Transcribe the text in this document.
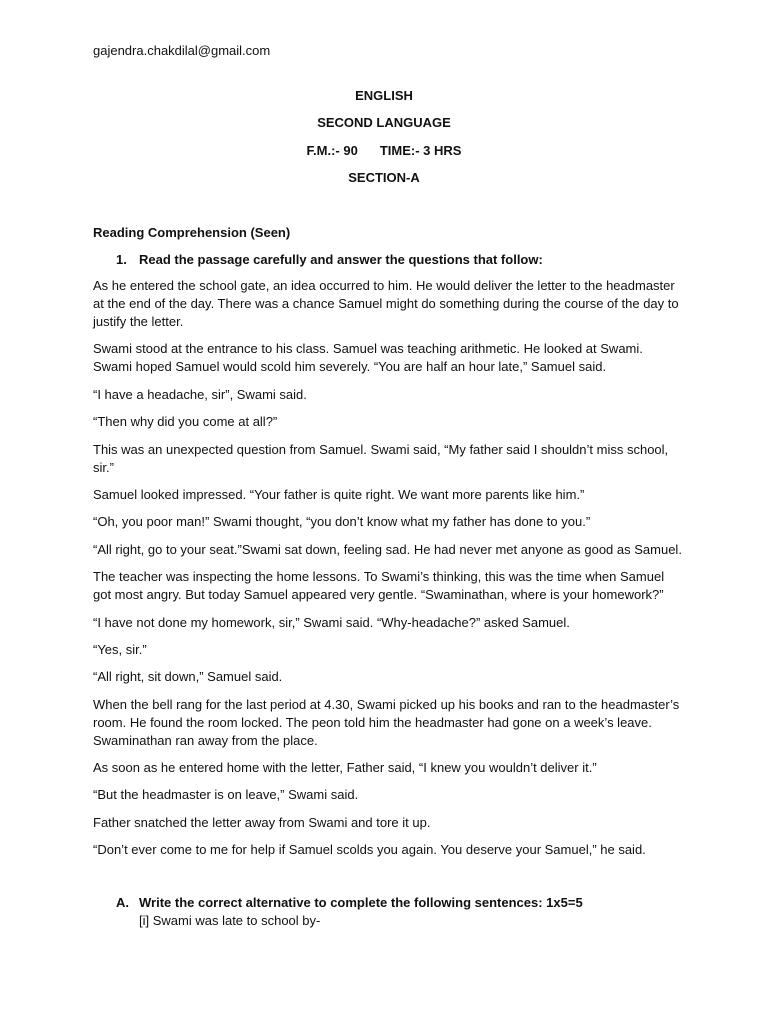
gajendra.chakdilal@gmail.com
ENGLISH
SECOND LANGUAGE
F.M.:- 90 TIME:- 3 HRS
SECTION-A
Reading Comprehension (Seen)
1. Read the passage carefully and answer the questions that follow:

As he entered the school gate, an idea occurred to him. He would deliver the letter to the headmaster at the end of the day. There was a chance Samuel might do something during the course of the day to justify the letter.

Swami stood at the entrance to his class. Samuel was teaching arithmetic. He looked at Swami. Swami hoped Samuel would scold him severely. “You are half an hour late,” Samuel said.

“I have a headache, sir”, Swami said.

“Then why did you come at all?”

This was an unexpected question from Samuel. Swami said, “My father said I shouldn’t miss school, sir.”

Samuel looked impressed. “Your father is quite right. We want more parents like him.”

“Oh, you poor man!” Swami thought, “you don’t know what my father has done to you.”

“All right, go to your seat.”Swami sat down, feeling sad. He had never met anyone as good as Samuel.

The teacher was inspecting the home lessons. To Swami’s thinking, this was the time when Samuel got most angry. But today Samuel appeared very gentle. “Swaminathan, where is your homework?”

“I have not done my homework, sir,” Swami said. “Why-headache?” asked Samuel.

“Yes, sir.”

“All right, sit down,” Samuel said.

When the bell rang for the last period at 4.30, Swami picked up his books and ran to the headmaster’s room. He found the room locked. The peon told him the headmaster had gone on a week’s leave. Swaminathan ran away from the place.

As soon as he entered home with the letter, Father said, “I knew you wouldn’t deliver it.”

“But the headmaster is on leave,” Swami said.

Father snatched the letter away from Swami and tore it up.

“Don’t ever come to me for help if Samuel scolds you again. You deserve your Samuel,” he said.

A. Write the correct alternative to complete the following sentences: 1x5=5
[i] Swami was late to school by-
